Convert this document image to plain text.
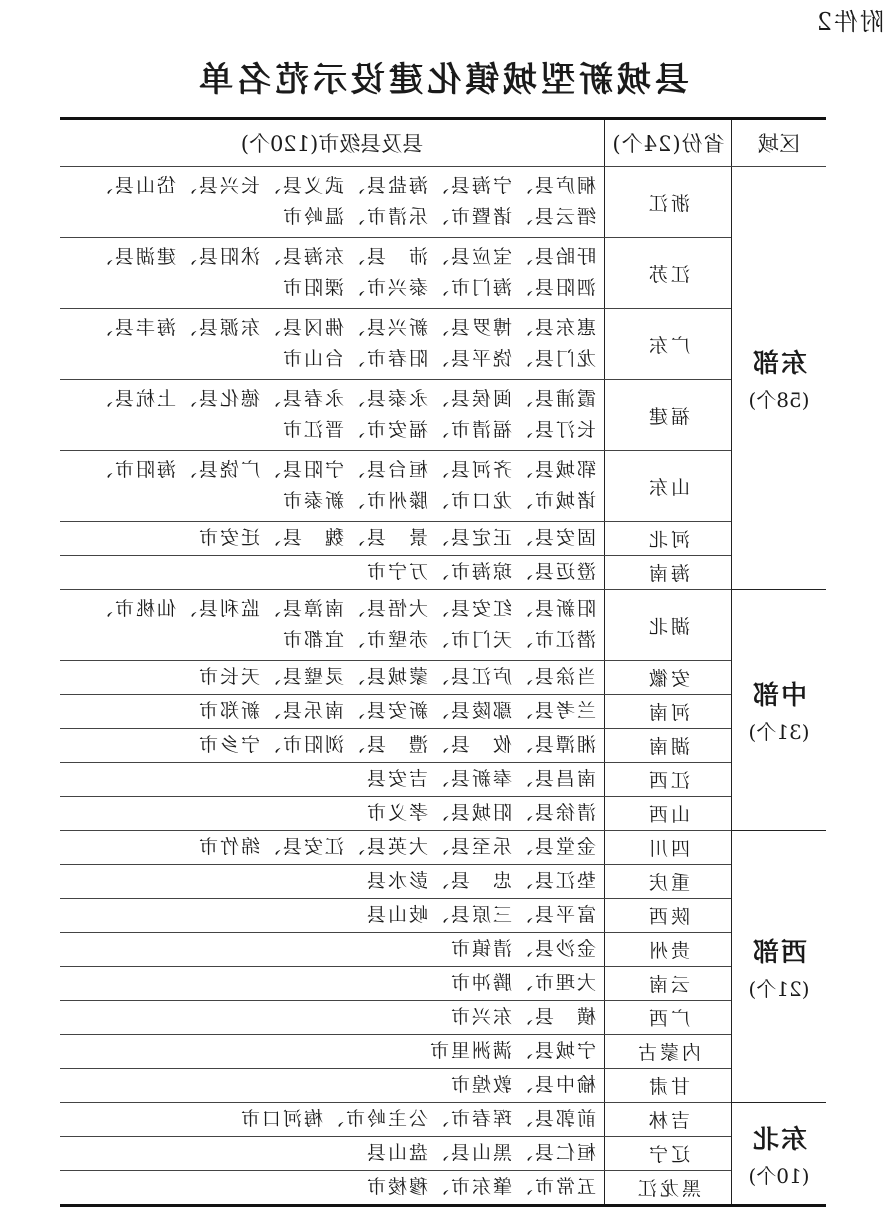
附件2
县城新型城镇化建设示范名单
区域	省份(24个)	县及县级市(120个)

东部
(58个)	浙江	桐庐县、宁海县、海盐县、武义县、长兴县、岱山县、
缙云县、诸暨市、乐清市、温岭市

	江苏	盱眙县、宝应县、沛　县、东海县、沭阳县、建湖县、
泗阳县、海门市、泰兴市、溧阳市

	广东	惠东县、博罗县、新兴县、佛冈县、东源县、海丰县、
龙门县、饶平县、阳春市、台山市

	福建	霞浦县、闽侯县、永泰县、永春县、德化县、上杭县、
长汀县、福清市、福安市、晋江市

	山东	郓城县、齐河县、桓台县、宁阳县、广饶县、海阳市、
诸城市、龙口市、滕州市、新泰市

	河北	固安县、正定县、景　县、魏　县、迁安市

	海南	澄迈县、琼海市、万宁市

中部
(31个)	湖北	阳新县、红安县、大悟县、南漳县、监利县、仙桃市、
潜江市、天门市、赤壁市、宜都市

	安徽	当涂县、庐江县、蒙城县、灵璧县、天长市

	河南	兰考县、鄢陵县、新安县、南乐县、新郑市

	湖南	湘潭县、攸　县、澧　县、浏阳市、宁乡市

	江西	南昌县、奉新县、吉安县

	山西	清徐县、阳城县、孝义市

西部
(21个)	四川	金堂县、乐至县、大英县、江安县、绵竹市

	重庆	垫江县、忠　县、彭水县

	陕西	富平县、三原县、岐山县

	贵州	金沙县、清镇市

	云南	大理市、腾冲市

	广西	横　县、东兴市

	内蒙古	宁城县、满洲里市

	甘肃	榆中县、敦煌市

东北
(10个)	吉林	前郭县、珲春市、公主岭市、梅河口市

	辽宁	桓仁县、黑山县、盘山县

	黑龙江	五常市、肇东市、穆棱市
